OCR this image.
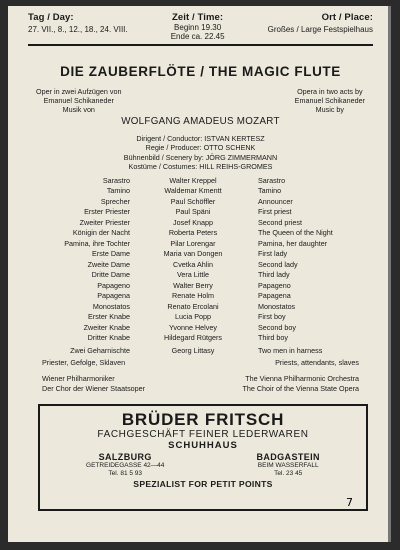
Tag / Day:
27. VII., 8., 12., 18., 24. VIII.
Zeit / Time:
Beginn 19.30
Ende ca. 22.45
Ort / Place:
Großes / Large Festspielhaus
DIE ZAUBERFLÖTE / THE MAGIC FLUTE
Oper in zwei Aufzügen von
Emanuel Schikaneder
Musik von
Opera in two acts by
Emanuel Schikaneder
Music by
WOLFGANG AMADEUS MOZART
Dirigent / Conductor: ISTVAN KERTESZ
Regie / Producer: OTTO SCHENK
Bühnenbild / Scenery by: JÖRG ZIMMERMANN
Kostüme / Costumes: HILL REIHS-GROMES
Sarastro	Walter Kreppel	Sarastro
Tamino	Waldemar Kmentt	Tamino
Sprecher	Paul Schöffler	Announcer
Erster Priester	Paul Späni	First priest
Zweiter Priester	Josef Knapp	Second priest
Königin der Nacht	Roberta Peters	The Queen of the Night
Pamina, ihre Tochter	Pilar Lorengar	Pamina, her daughter
Erste Dame	Maria van Dongen	First lady
Zweite Dame	Cvetka Ahlin	Second lady
Dritte Dame	Vera Little	Third lady
Papageno	Walter Berry	Papageno
Papagena	Renate Holm	Papagena
Monostatos	Renato Ercolani	Monostatos
Erster Knabe	Lucia Popp	First boy
Zweiter Knabe	Yvonne Helvey	Second boy
Dritter Knabe	Hildegard Rütgers	Third boy
Zwei Geharnischte	Georg Littasy	Two men in harness
Priester, Gefolge, Sklaven	Priests, attendants, slaves
Wiener Philharmoniker	The Vienna Philharmonic Orchestra
Der Chor der Wiener Staatsoper	The Choir of the Vienna State Opera
BRÜDER FRITSCH
FACHGESCHÄFT FEINER LEDERWAREN
SCHUHHAUS
SALZBURG
GETREIDEGASSE 42—44
Tel. 81 5 93
BADGASTEIN
BEIM WASSERFALL
Tel. 23 45
SPEZIALIST FOR PETIT POINTS
7
